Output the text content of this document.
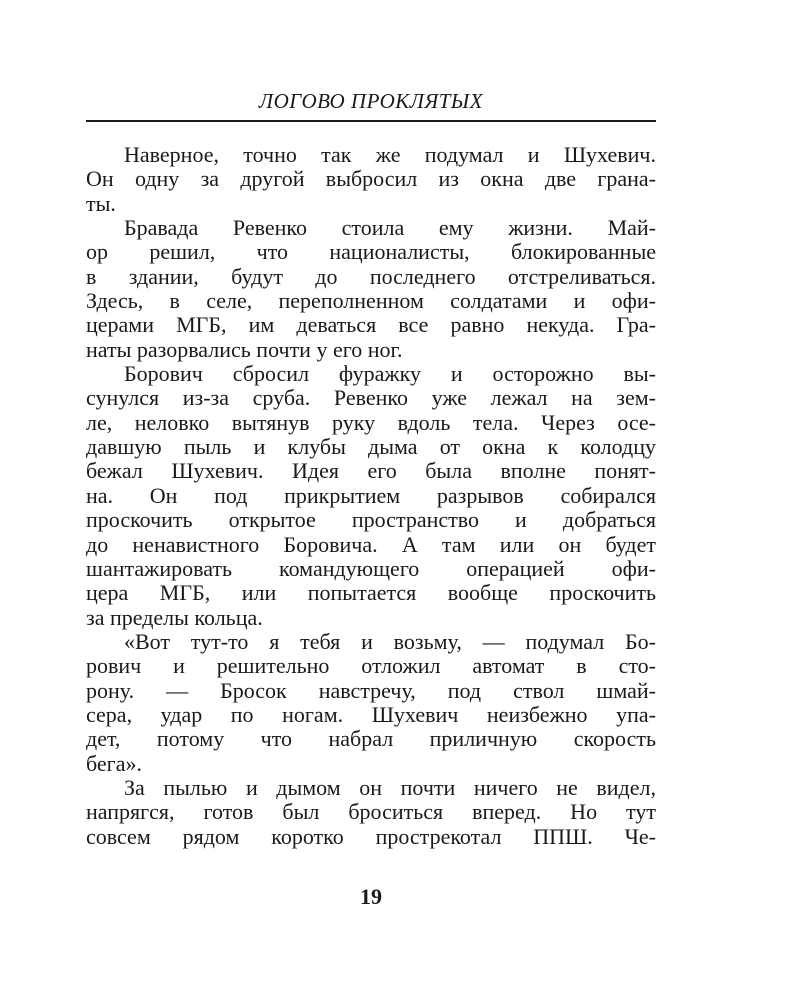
ЛОГОВО ПРОКЛЯТЫХ
Наверное, точно так же подумал и Шухевич.
Он одну за другой выбросил из окна две грана-
ты.
Бравада Ревенко стоила ему жизни. Май-
ор решил, что националисты, блокированные
в здании, будут до последнего отстреливаться.
Здесь, в селе, переполненном солдатами и офи-
церами МГБ, им деваться все равно некуда. Гра-
наты разорвались почти у его ног.
Борович сбросил фуражку и осторожно вы-
сунулся из-за сруба. Ревенко уже лежал на зем-
ле, неловко вытянув руку вдоль тела. Через осе-
давшую пыль и клубы дыма от окна к колодцу
бежал Шухевич. Идея его была вполне понят-
на. Он под прикрытием разрывов собирался
проскочить открытое пространство и добраться
до ненавистного Боровича. А там или он будет
шантажировать командующего операцией офи-
цера МГБ, или попытается вообще проскочить
за пределы кольца.
«Вот тут-то я тебя и возьму, — подумал Бо-
рович и решительно отложил автомат в сто-
рону. — Бросок навстречу, под ствол шмай-
сера, удар по ногам. Шухевич неизбежно упа-
дет, потому что набрал приличную скорость
бега».
За пылью и дымом он почти ничего не видел,
напрягся, готов был броситься вперед. Но тут
совсем рядом коротко прострекотал ППШ. Че-
19
